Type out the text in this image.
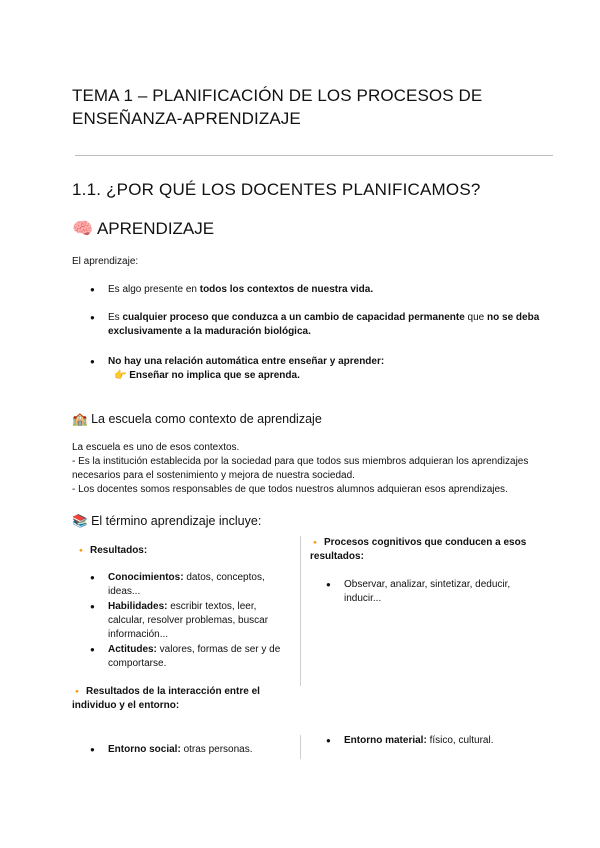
TEMA 1 – PLANIFICACIÓN DE LOS PROCESOS DE ENSEÑANZA-APRENDIZAJE
1.1. ¿POR QUÉ LOS DOCENTES PLANIFICAMOS?
🧠 APRENDIZAJE
El aprendizaje:
● Es algo presente en todos los contextos de nuestra vida.
● Es cualquier proceso que conduzca a un cambio de capacidad permanente que no se deba exclusivamente a la maduración biológica.
● No hay una relación automática entre enseñar y aprender:
👉 Enseñar no implica que se aprenda.
🏫 La escuela como contexto de aprendizaje
La escuela es uno de esos contextos.
- Es la institución establecida por la sociedad para que todos sus miembros adquieran los aprendizajes necesarios para el sostenimiento y mejora de nuestra sociedad.
- Los docentes somos responsables de que todos nuestros alumnos adquieran esos aprendizajes.
📚 El término aprendizaje incluye:
🔸 Resultados:
● Conocimientos: datos, conceptos, ideas...
● Habilidades: escribir textos, leer, calcular, resolver problemas, buscar información...
● Actitudes: valores, formas de ser y de comportarse.
🔸 Procesos cognitivos que conducen a esos resultados:
● Observar, analizar, sintetizar, deducir, inducir...
🔸 Resultados de la interacción entre el individuo y el entorno:
● Entorno social: otras personas.
● Entorno material: físico, cultural.
